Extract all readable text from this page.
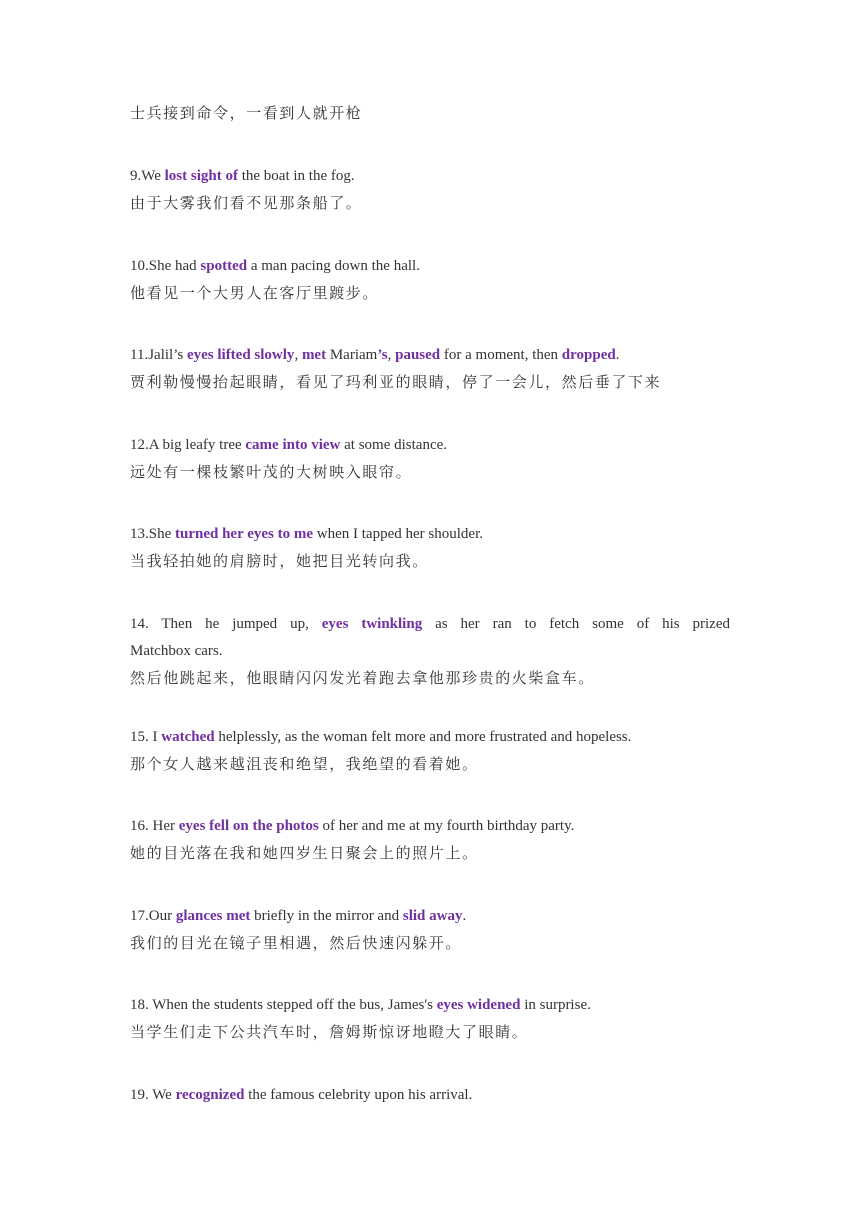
士兵接到命令，一看到人就开枪
9.We lost sight of the boat in the fog.
由于大雾我们看不见那条船了。
10.She had spotted a man pacing down the hall.
他看见一个大男人在客厅里踱步。
11.Jalil’s eyes lifted slowly, met Mariam’s, paused for a moment, then dropped.
贾利勒慢慢抬起眼睛，看见了玛利亚的眼睛，停了一会儿，然后垂了下来
12.A big leafy tree came into view at some distance.
远处有一棵枝繁叶茂的大树映入眼帘。
13.She turned her eyes to me when I tapped her shoulder.
当我轻拍她的肩膀时，她把目光转向我。
14. Then he jumped up, eyes twinkling as her ran to fetch some of his prized
Matchbox cars.
然后他跳起来，他眼睛闪闪发光着跑去拿他那珍贵的火柴盒车。
15. I watched helplessly, as the woman felt more and more frustrated and hopeless.
那个女人越来越沮丧和绝望，我绝望的看着她。
16. Her eyes fell on the photos of her and me at my fourth birthday party.
她的目光落在我和她四岁生日聚会上的照片上。
17.Our glances met briefly in the mirror and slid away.
我们的目光在镜子里相遇，然后快速闪躲开。
18. When the students stepped off the bus, James's eyes widened in surprise.
当学生们走下公共汽车时，詹姆斯惊讶地瞪大了眼睛。
19. We recognized the famous celebrity upon his arrival.
